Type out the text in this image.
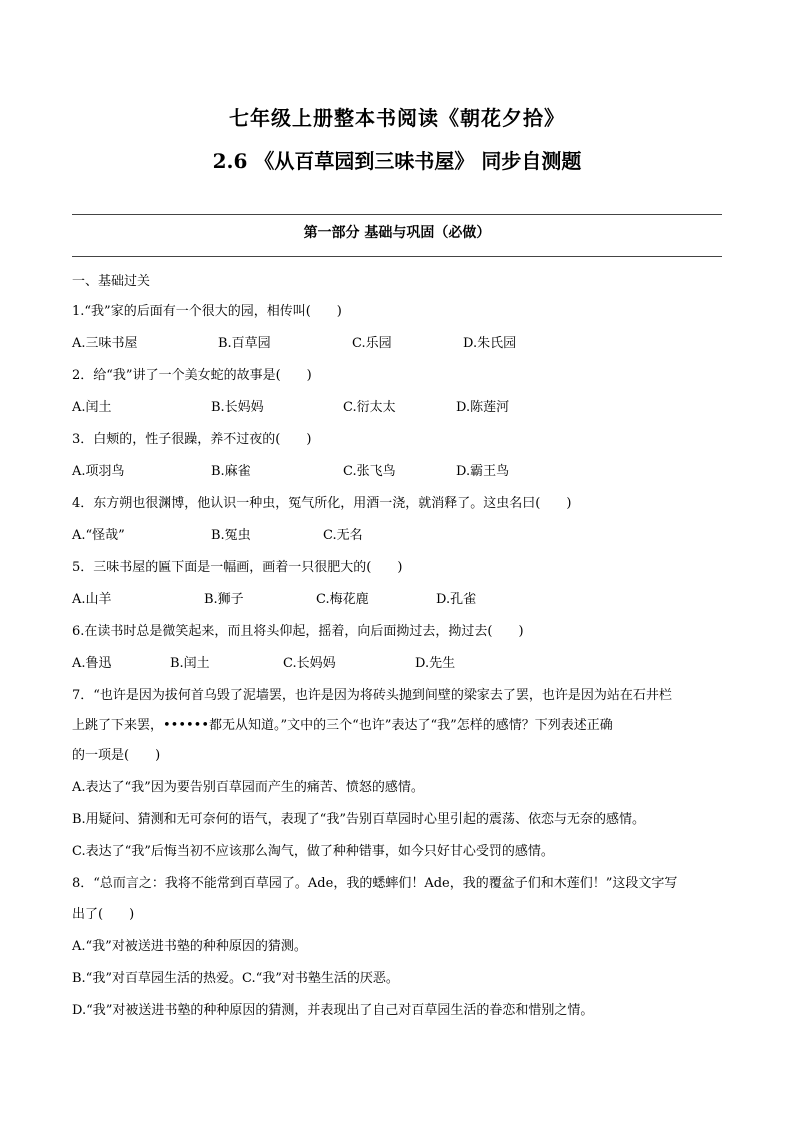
七年级上册整本书阅读《朝花夕拾》
2.6 《从百草园到三味书屋》 同步自测题
第一部分 基础与巩固（必做）
一、基础过关
1.“我”家的后面有一个很大的园，相传叫(　　)
A.三味书屋	B.百草园	C.乐园	D.朱氏园
2．给“我”讲了一个美女蛇的故事是(　　)
A.闰土	B.长妈妈	C.衍太太	D.陈莲河
3．白颊的，性子很躁，养不过夜的(　　)
A.项羽鸟	B.麻雀	C.张飞鸟	D.霸王鸟
4．东方朔也很渊博，他认识一种虫，冤气所化，用酒一浇，就消释了。这虫名曰(　　)
A.“怪哉”	B.冤虫	C.无名
5．三味书屋的匾下面是一幅画，画着一只很肥大的(　　)
A.山羊	B.狮子	C.梅花鹿	D.孔雀
6.在读书时总是微笑起来，而且将头仰起，摇着，向后面拗过去，拗过去(　　)
A.鲁迅	B.闰土	C.长妈妈	D.先生
7．“也许是因为拔何首乌毁了泥墙罢，也许是因为将砖头抛到间壁的梁家去了罢，也许是因为站在石井栏
上跳了下来罢，••••••都无从知道。”文中的三个“也许”表达了“我”怎样的感情？下列表述正确
的一项是(　　)
A.表达了“我”因为要告别百草园而产生的痛苦、愤怒的感情。
B.用疑问、猜测和无可奈何的语气，表现了“我”告别百草园时心里引起的震荡、依恋与无奈的感情。
C.表达了“我”后悔当初不应该那么淘气，做了种种错事，如今只好甘心受罚的感情。
8．“总而言之：我将不能常到百草园了。Ade，我的蟋蟀们！Ade，我的覆盆子们和木莲们！”这段文字写
出了(　　)
A.“我”对被送进书塾的种种原因的猜测。
B.“我”对百草园生活的热爱。C.“我”对书塾生活的厌恶。
D.“我”对被送进书塾的种种原因的猜测，并表现出了自己对百草园生活的眷恋和惜别之情。
